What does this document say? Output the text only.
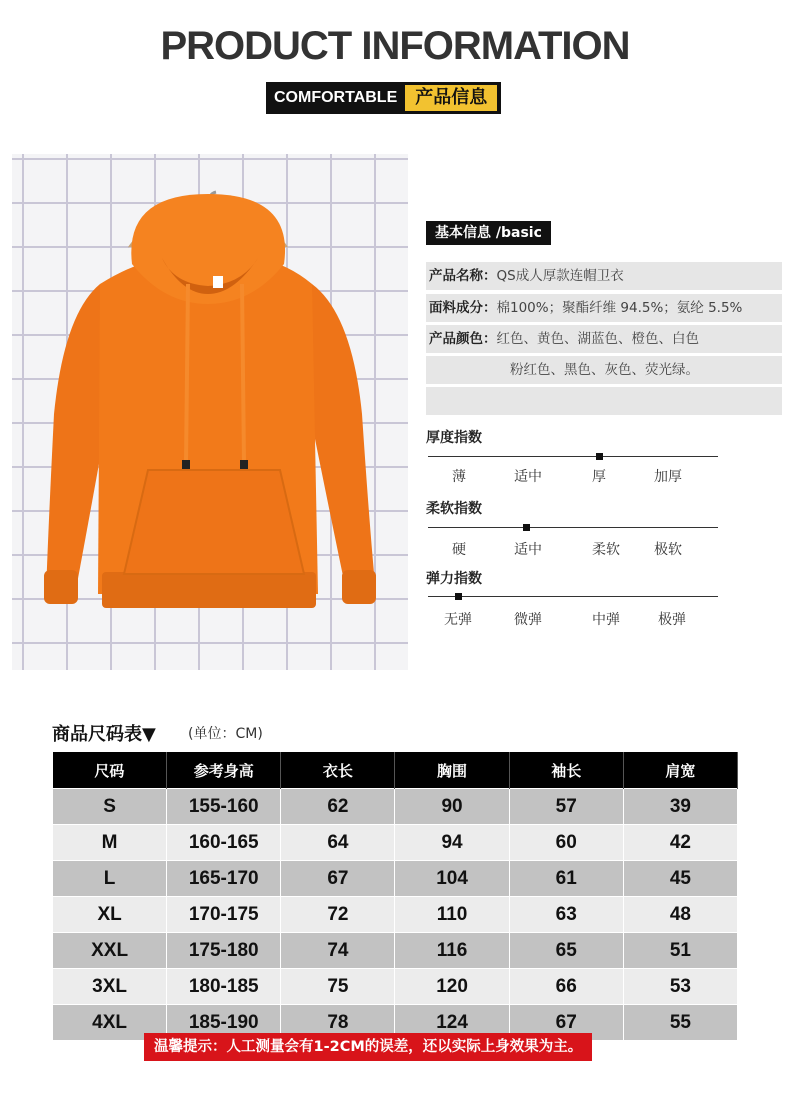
PRODUCT INFORMATION
COMFORTABLE	产品信息
基本信息 /basic
产品名称：QS成人厚款连帽卫衣
面料成分：棉100%；聚酯纤维 94.5%；氨纶 5.5%
产品颜色：红色、黄色、湖蓝色、橙色、白色
粉红色、黑色、灰色、荧光绿。
厚度指数
薄	适中	厚	加厚
柔软指数
硬	适中	柔软 极软
弹力指数
无弹	微弹	中弹	极弹
商品尺码表▼ (单位：CM)
尺码	参考身高	衣长	胸围	袖长	肩宽
S	155-160	62	90	57	39
M	160-165	64	94	60	42
L	165-170	67	104	61	45
XL	170-175	72	110	63	48
XXL	175-180	74	116	65	51
3XL	180-185	75	120	66	53
4XL	185-190	78	124	67	55
温馨提示：人工测量会有1-2CM的误差，还以实际上身效果为主。
